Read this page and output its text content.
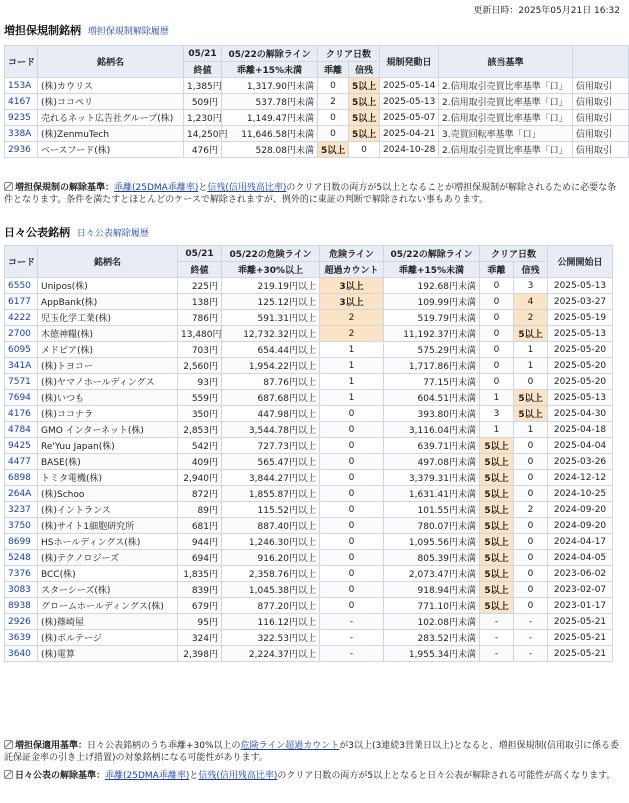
更新日時：2025年05月21日 16:32
増担保規制銘柄 増担保規制解除履歴
コード	銘柄名	05/21	05/22の解除ライン	クリア日数		規制発動日	該当基準	
		終値	乖離+15%未満	乖離	信残			
153A	(株)カウリス	1,385円	1,317.90円未満	0	5以上	2025-05-14	2.信用取引売買比率基準「口」	信用取引
4167	(株)ココペリ	509円	537.78円未満	2	5以上	2025-05-13	2.信用取引売買比率基準「口」	信用取引
9235	売れるネット広告社グループ(株)	1,230円	1,149.47円未満	0	5以上	2025-05-07	2.信用取引売買比率基準「口」	信用取引
338A	(株)ZenmuTech	14,250円	11,646.58円未満	0	5以上	2025-04-21	3.売買回転率基準「口」	信用取引
2936	ベースフード(株)	476円	528.08円未満	5以上	0	2024-10-28	2.信用取引売買比率基準「口」	信用取引
増担保規制の解除基準：乖離(25DMA乖離率)と信残(信用残高比率)のクリア日数の両方が5以上となることが増担保規制が解除されるために必要な条件となります。条件を満たすとほとんどのケースで解除されますが、例外的に東証の判断で解除されない事もあります。
日々公表銘柄 日々公表解除履歴
コード	銘柄名	05/21	05/22の危険ライン	危険ライン	05/22の解除ライン	クリア日数		公開開始日
		終値	乖離+30%以上	超過カウント	乖離+15%未満	乖離	信残	
6550	Unipos(株)	225円	219.19円以上	3以上	192.68円未満	0	3	2025-05-13
6177	AppBank(株)	138円	125.12円以上	3以上	109.99円未満	0	4	2025-03-27
4222	児玉化学工業(株)	786円	591.31円以上	2	519.79円未満	0	2	2025-05-19
2700	木徳神糧(株)	13,480円	12,732.32円以上	2	11,192.37円未満	0	5以上	2025-05-13
6095	メドピア(株)	703円	654.44円以上	1	575.29円未満	0	1	2025-05-20
341A	(株)トヨコー	2,560円	1,954.22円以上	1	1,717.86円未満	0	1	2025-05-20
7571	(株)ヤマノホールディングス	93円	87.76円以上	1	77.15円未満	0	0	2025-05-20
7694	(株)いつも	559円	687.68円以上	1	604.51円未満	1	5以上	2025-05-13
4176	(株)ココナラ	350円	447.98円以上	0	393.80円未満	3	5以上	2025-04-30
4784	GMO インターネット(株)	2,853円	3,544.78円以上	0	3,116.04円未満	1	1	2025-04-18
9425	Re'Yuu Japan(株)	542円	727.73円以上	0	639.71円未満	5以上	0	2025-04-04
4477	BASE(株)	409円	565.47円以上	0	497.08円未満	5以上	0	2025-03-26
6898	トミタ電機(株)	2,940円	3,844.27円以上	0	3,379.31円未満	5以上	0	2024-12-12
264A	(株)Schoo	872円	1,855.87円以上	0	1,631.41円未満	5以上	0	2024-10-25
3237	(株)イントランス	89円	115.52円以上	0	101.55円未満	5以上	2	2024-09-20
3750	(株)サイト1細胞研究所	681円	887.40円以上	0	780.07円未満	5以上	0	2024-09-20
8699	HSホールディングス(株)	944円	1,246.30円以上	0	1,095.56円未満	5以上	0	2024-04-17
5248	(株)テクノロジーズ	694円	916.20円以上	0	805.39円未満	5以上	0	2024-04-05
7376	BCC(株)	1,835円	2,358.76円以上	0	2,073.47円未満	5以上	0	2023-06-02
3083	スターシーズ(株)	839円	1,045.38円以上	0	918.94円未満	5以上	0	2023-02-07
8938	グロームホールディングス(株)	679円	877.20円以上	0	771.10円未満	5以上	0	2023-01-17
2926	(株)篠崎屋	95円	116.12円以上	-	102.08円未満	-	-	2025-05-21
3639	(株)ボルテージ	324円	322.53円以上	-	283.52円未満	-	-	2025-05-21
3640	(株)電算	2,398円	2,224.37円以上	-	1,955.34円未満	-	-	2025-05-21
増担保適用基準：日々公表銘柄のうち乖離+30%以上の危険ライン超過カウントが3以上(3連続3営業日以上)となると、増担保規制(信用取引に係る委託保証金率の引き上げ措置)の対象銘柄になる可能性があります。
日々公表の解除基準：乖離(25DMA乖離率)と信残(信用残高比率)のクリア日数の両方が5以上となると日々公表が解除される可能性が高くなります。
